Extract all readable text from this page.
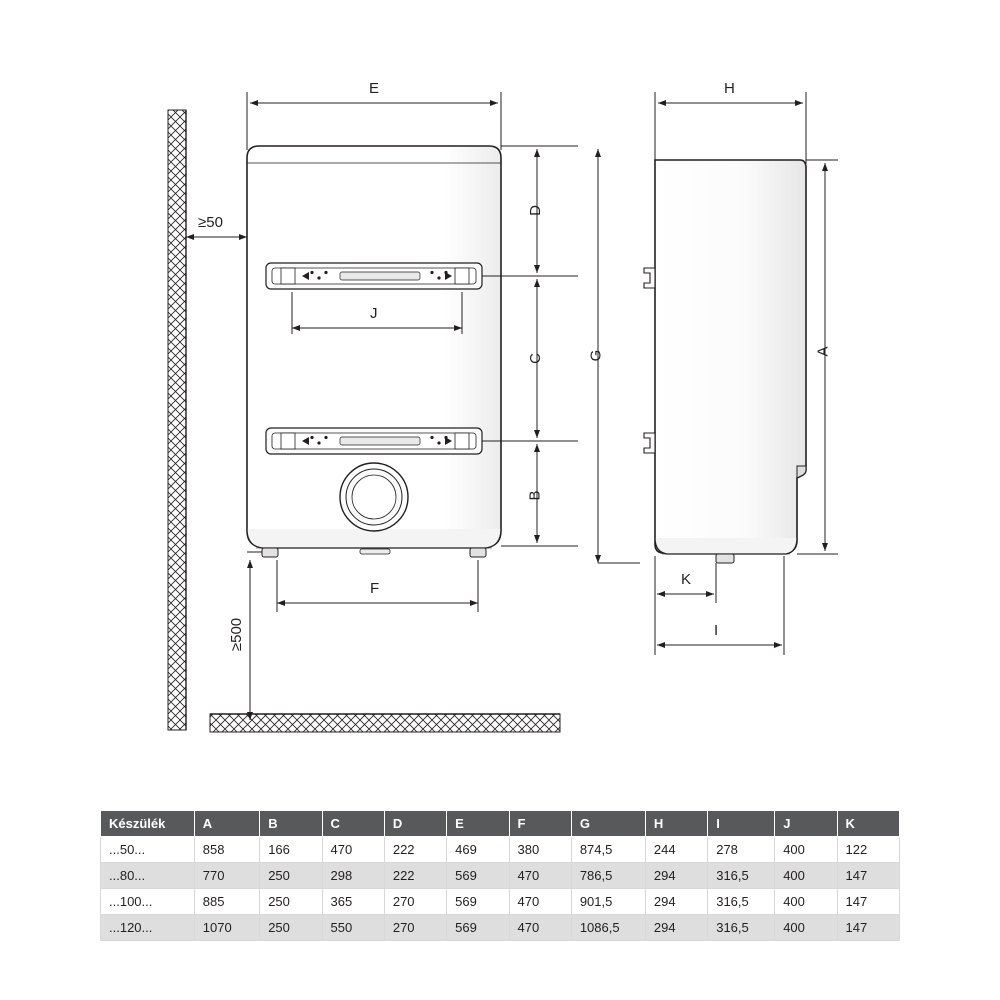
E	H
≥50
J
F
D
C
B
G	A
≥500
K
I
Készülék	A	B	C	D	E	F	G	H	I	J	K
...50...	858	166	470	222	469	380	874,5	244	278	400	122
...80...	770	250	298	222	569	470	786,5	294	316,5	400	147
...100...	885	250	365	270	569	470	901,5	294	316,5	400	147
...120...	1070	250	550	270	569	470	1086,5	294	316,5	400	147
